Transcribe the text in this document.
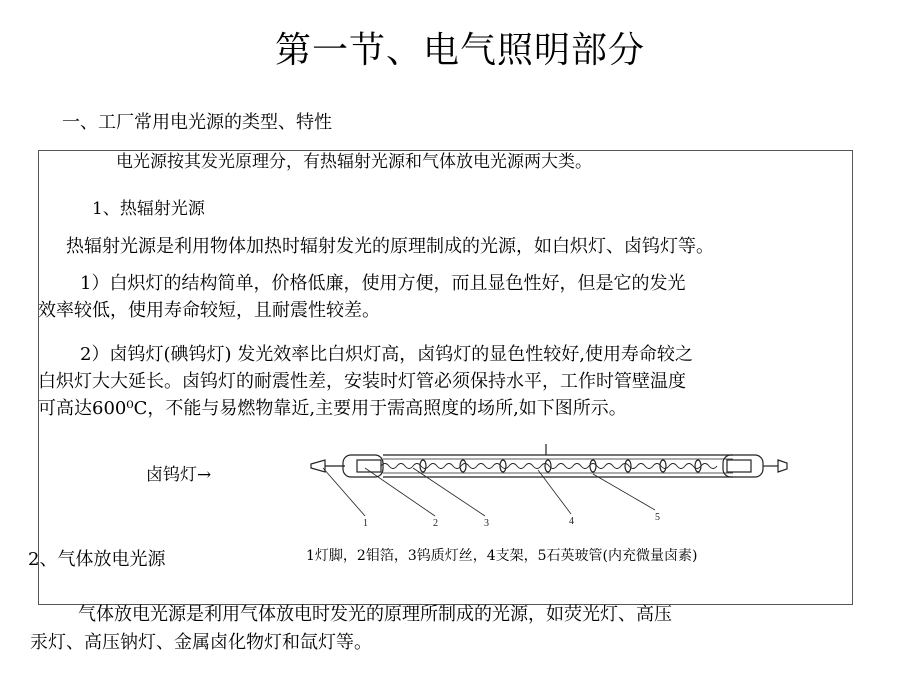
第一节、电气照明部分
一、工厂常用电光源的类型、特性
电光源按其发光原理分，有热辐射光源和气体放电光源两大类。
1、热辐射光源
热辐射光源是利用物体加热时辐射发光的原理制成的光源，如白炽灯、卤钨灯等。
1）白炽灯的结构简单，价格低廉，使用方便，而且显色性好，但是它的发光
效率较低，使用寿命较短，且耐震性较差。
2）卤钨灯(碘钨灯) 发光效率比白炽灯高，卤钨灯的显色性较好,使用寿命较之
白炽灯大大延长。卤钨灯的耐震性差，安装时灯管必须保持水平，工作时管壁温度
可高达600⁰C，不能与易燃物靠近,主要用于需高照度的场所,如下图所示。
卤钨灯→
1	2	3	4	5
2、气体放电光源	1灯脚，2钼箔，3钨质灯丝，4支架，5石英玻管(内充微量卤素)
气体放电光源是利用气体放电时发光的原理所制成的光源，如荧光灯、高压
汞灯、高压钠灯、金属卤化物灯和氙灯等。
